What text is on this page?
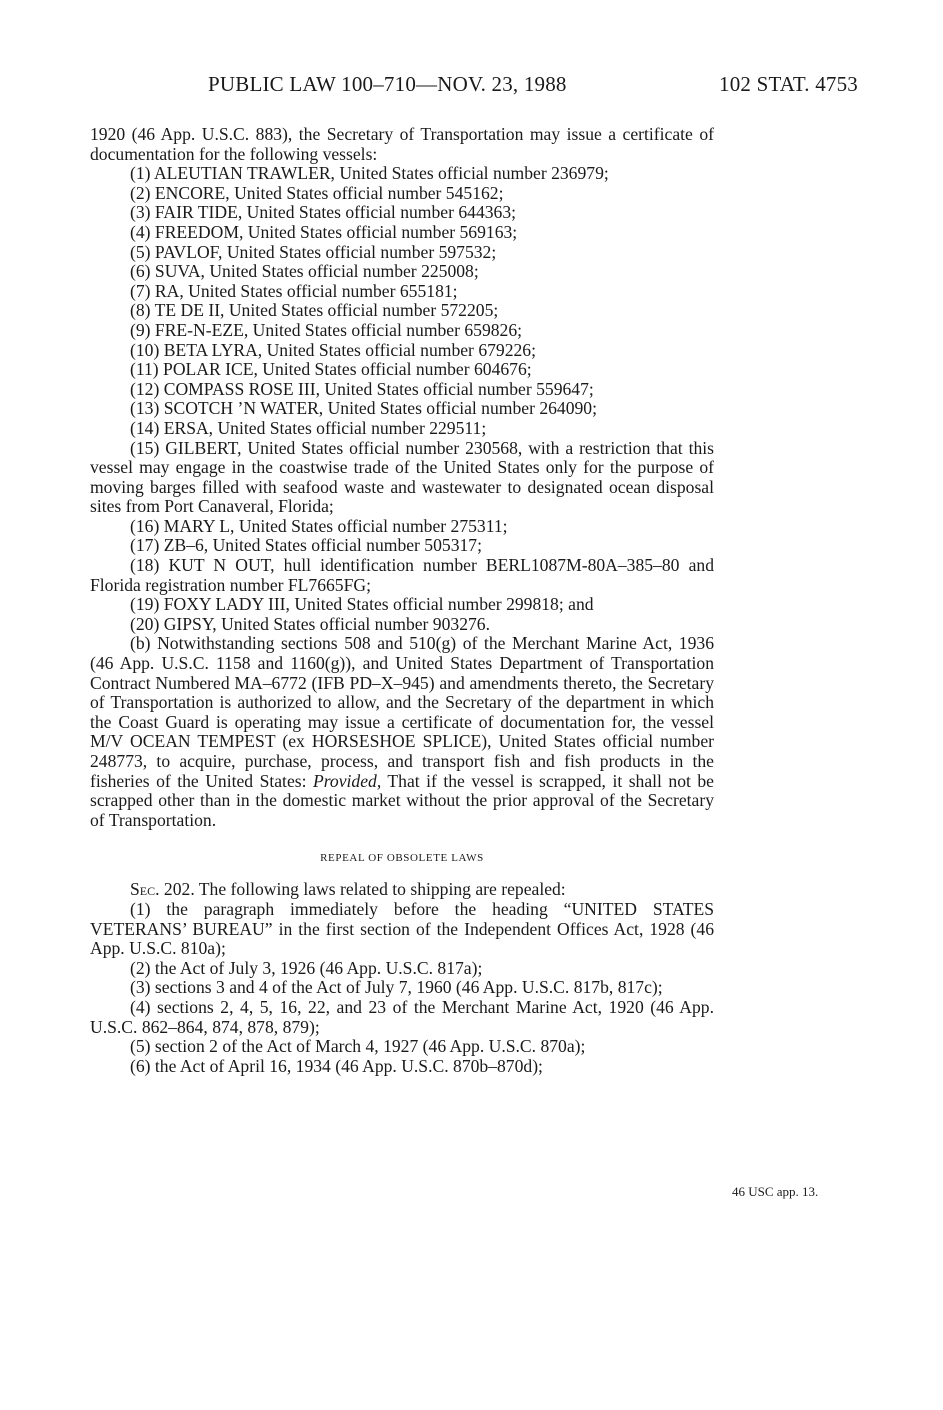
PUBLIC LAW 100–710—NOV. 23, 1988	102 STAT. 4753

1920 (46 App. U.S.C. 883), the Secretary of Transportation may issue a certificate of documentation for the following vessels:

(1) ALEUTIAN TRAWLER, United States official number 236979;

(2) ENCORE, United States official number 545162;

(3) FAIR TIDE, United States official number 644363;

(4) FREEDOM, United States official number 569163;

(5) PAVLOF, United States official number 597532;

(6) SUVA, United States official number 225008;

(7) RA, United States official number 655181;

(8) TE DE II, United States official number 572205;

(9) FRE-N-EZE, United States official number 659826;

(10) BETA LYRA, United States official number 679226;

(11) POLAR ICE, United States official number 604676;

(12) COMPASS ROSE III, United States official number 559647;

(13) SCOTCH ’N WATER, United States official number 264090;

(14) ERSA, United States official number 229511;

(15) GILBERT, United States official number 230568, with a restriction that this vessel may engage in the coastwise trade of the United States only for the purpose of moving barges filled with seafood waste and wastewater to designated ocean disposal sites from Port Canaveral, Florida;

(16) MARY L, United States official number 275311;

(17) ZB–6, United States official number 505317;

(18) KUT N OUT, hull identification number BERL1087M-80A–385–80 and Florida registration number FL7665FG;

(19) FOXY LADY III, United States official number 299818; and

(20) GIPSY, United States official number 903276.

(b) Notwithstanding sections 508 and 510(g) of the Merchant Marine Act, 1936 (46 App. U.S.C. 1158 and 1160(g)), and United States Department of Transportation Contract Numbered MA–6772 (IFB PD–X–945) and amendments thereto, the Secretary of Transportation is authorized to allow, and the Secretary of the department in which the Coast Guard is operating may issue a certificate of documentation for, the vessel M/V OCEAN TEMPEST (ex HORSESHOE SPLICE), United States official number 248773, to acquire, purchase, process, and transport fish and fish products in the fisheries of the United States: Provided, That if the vessel is scrapped, it shall not be scrapped other than in the domestic market without the prior approval of the Secretary of Transportation.

REPEAL OF OBSOLETE LAWS

Sec. 202. The following laws related to shipping are repealed:

(1) the paragraph immediately before the heading “UNITED STATES VETERANS’ BUREAU” in the first section of the Independent Offices Act, 1928 (46 App. U.S.C. 810a);

(2) the Act of July 3, 1926 (46 App. U.S.C. 817a);

(3) sections 3 and 4 of the Act of July 7, 1960 (46 App. U.S.C. 817b, 817c);

(4) sections 2, 4, 5, 16, 22, and 23 of the Merchant Marine Act, 1920 (46 App. U.S.C. 862–864, 874, 878, 879);

(5) section 2 of the Act of March 4, 1927 (46 App. U.S.C. 870a);

(6) the Act of April 16, 1934 (46 App. U.S.C. 870b–870d);

46 USC app. 13.
